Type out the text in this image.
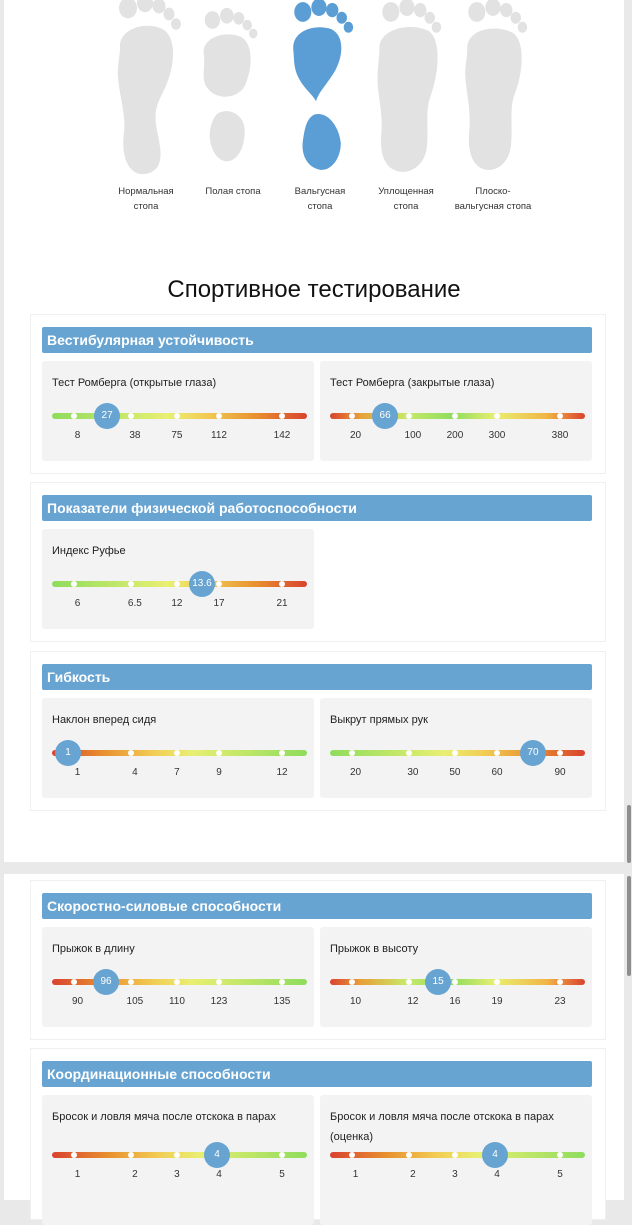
Нормальная
стопа
Полая стопа	Вальгусная
стопа
Уплощенная
стопа
Плоско-
вальгусная стопа
Спортивное тестирование
Вестибулярная устойчивость
Тест Ромберга (открытые глаза)
8	38	75	112	142
27
Тест Ромберга (закрытые глаза)
20	100	200	300	380
66
Показатели физической работоспособности
Индекс Руфье
6	6.5	12	17	21
13.6
Гибкость
Наклон вперед сидя
1	4	7	9	12
1
Выкрут прямых рук
20	30	50	60	90
70
Скоростно-силовые способности
Прыжок в длину
90	105	110	123	135
96
Прыжок в высоту
10	12	16	19	23
15
Координационные способности
Бросок и ловля мяча после отскока в парах
1	2	3	4	5
4
Бросок и ловля мяча после отскока в парах (оценка)
1	2	3	4	5
4
